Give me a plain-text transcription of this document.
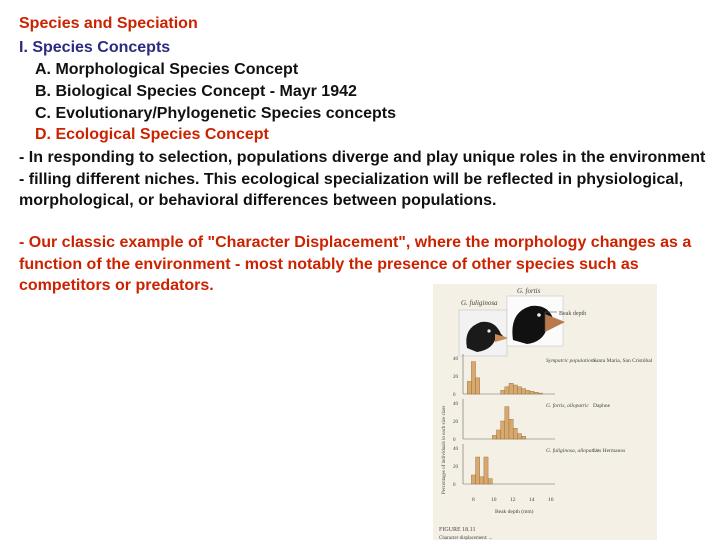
Species and Speciation
I. Species Concepts
A. Morphological Species Concept
B. Biological Species Concept - Mayr 1942
C. Evolutionary/Phylogenetic Species concepts
D. Ecological Species Concept
- In responding to selection, populations diverge and play unique roles in the environment - filling different niches. This ecological specialization will be reflected in physiological, morphological, or behavioral differences between populations.
- Our classic example of "Character Displacement", where the morphology changes as a function of the environment - most notably the presence of other species such as competitors or predators.	G. fortis
G. fuliginosa
Beak depth
Percentages of individuals in each size class
40
20
0
Sympatric populations
Santa Maria, San Cristóbal
40
20
0
G. fortis, allopatric Daphne
40
20
0
G. fuliginosa, allopatric
Los Hermanos
8	10 12 14 16
Beak depth (mm)
FIGURE 18.11
Character displacement: ...
